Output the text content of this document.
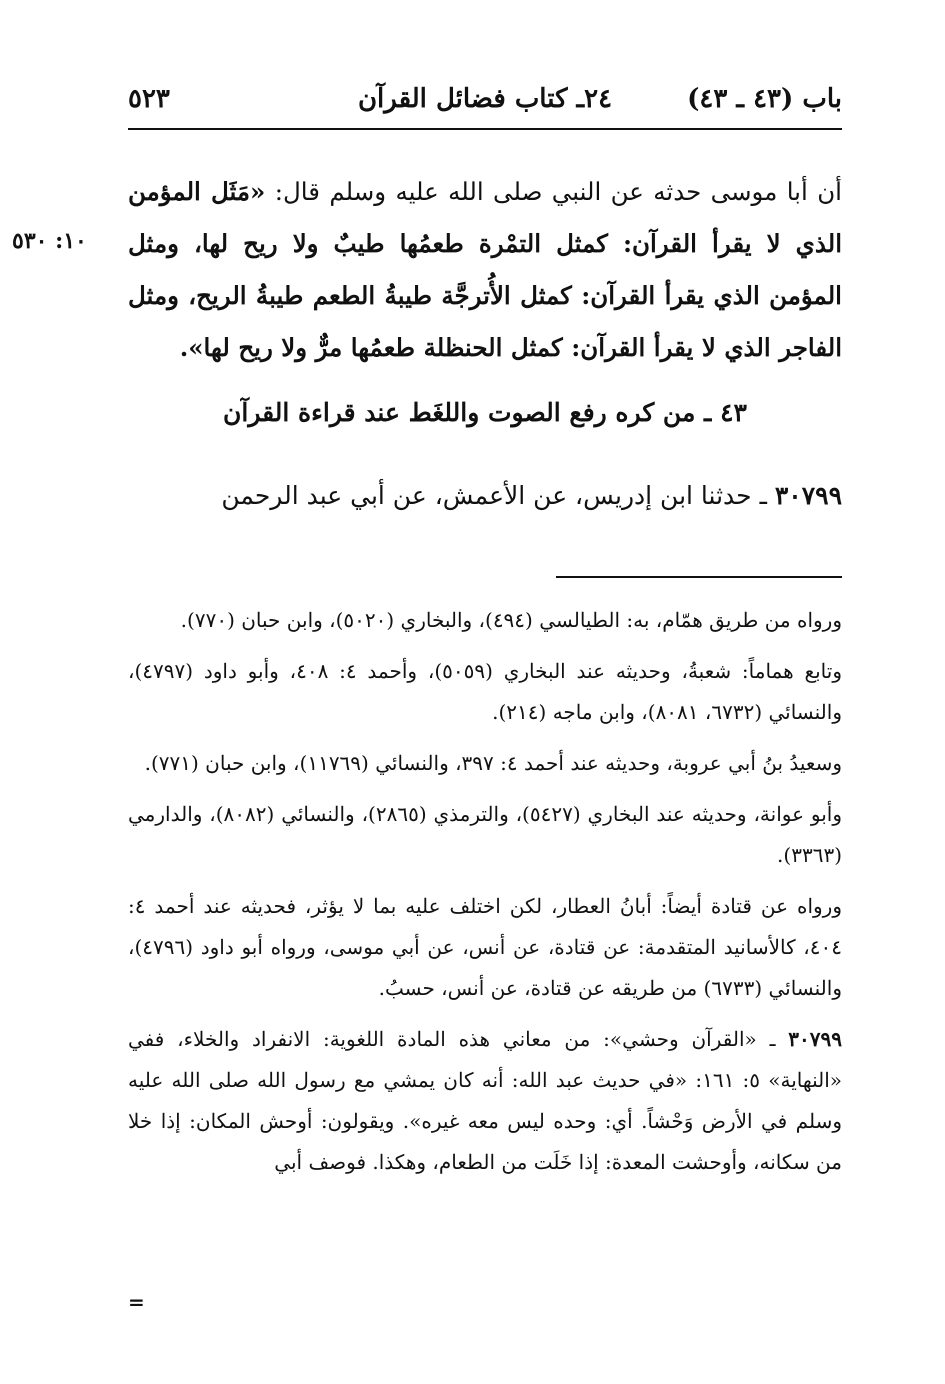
٥٢٣	٢٤ـ كتاب فضائل القرآن	باب (٤٣ ـ ٤٣)
١٠: ٥٣٠
أن أبا موسى حدثه عن النبي صلى الله عليه وسلم قال: «مَثَل المؤمن الذي لا يقرأ القرآن: كمثل التمْرة طعمُها طيبٌ ولا ريح لها، ومثل المؤمن الذي يقرأ القرآن: كمثل الأُترجَّة طيبةُ الطعم طيبةُ الريح، ومثل الفاجر الذي لا يقرأ القرآن: كمثل الحنظلة طعمُها مرٌّ ولا ريح لها».
٤٣ ـ من كره رفع الصوت واللغَط عند قراءة القرآن
٣٠٧٩٩ ـ حدثنا ابن إدريس، عن الأعمش، عن أبي عبد الرحمن

ورواه من طريق همّام، به: الطيالسي (٤٩٤)، والبخاري (٥٠٢٠)، وابن حبان (٧٧٠).

وتابع هماماً: شعبةُ، وحديثه عند البخاري (٥٠٥٩)، وأحمد ٤: ٤٠٨، وأبو داود (٤٧٩٧)، والنسائي (٦٧٣٢، ٨٠٨١)، وابن ماجه (٢١٤).

وسعيدُ بنُ أبي عروبة، وحديثه عند أحمد ٤: ٣٩٧، والنسائي (١١٧٦٩)، وابن حبان (٧٧١).

وأبو عوانة، وحديثه عند البخاري (٥٤٢٧)، والترمذي (٢٨٦٥)، والنسائي (٨٠٨٢)، والدارمي (٣٣٦٣).

ورواه عن قتادة أيضاً: أبانُ العطار، لكن اختلف عليه بما لا يؤثر، فحديثه عند أحمد ٤: ٤٠٤، كالأسانيد المتقدمة: عن قتادة، عن أنس، عن أبي موسى، ورواه أبو داود (٤٧٩٦)، والنسائي (٦٧٣٣) من طريقه عن قتادة، عن أنس، حسبُ.

٣٠٧٩٩ ـ «القرآن وحشي»: من معاني هذه المادة اللغوية: الانفراد والخلاء، ففي «النهاية» ٥: ١٦١: «في حديث عبد الله: أنه كان يمشي مع رسول الله صلى الله عليه وسلم في الأرض وَحْشاً. أي: وحده ليس معه غيره». ويقولون: أوحش المكان: إذا خلا من سكانه، وأوحشت المعدة: إذا خَلَت من الطعام، وهكذا. فوصف أبي

=
